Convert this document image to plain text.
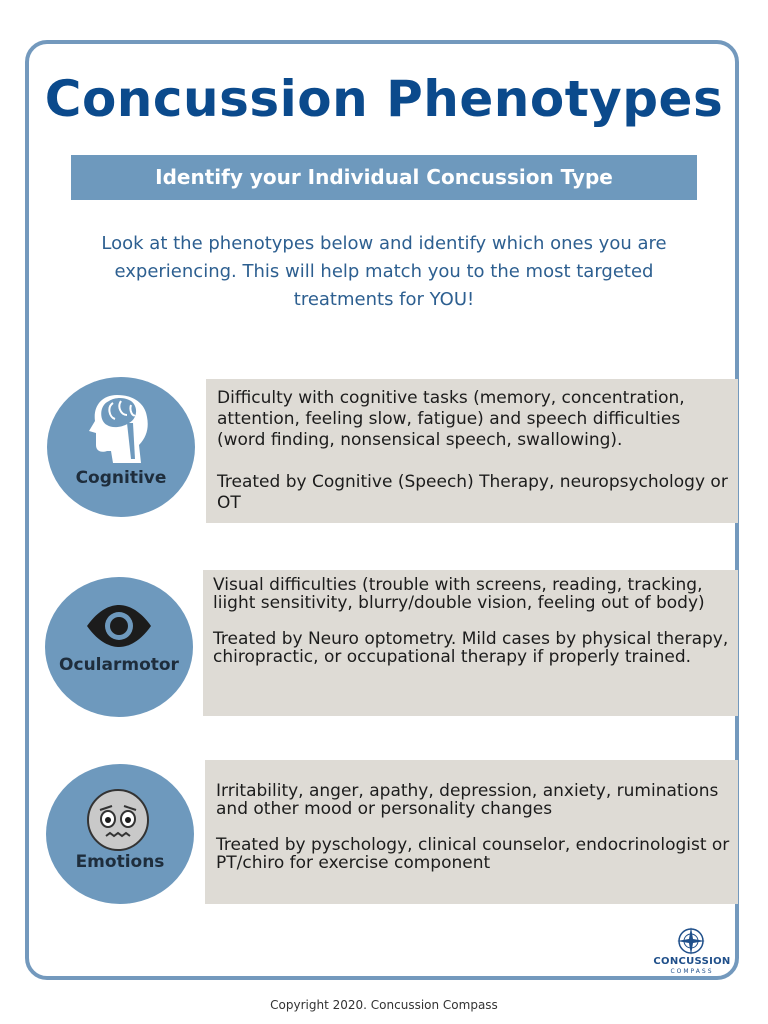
Concussion Phenotypes
Identify your Individual Concussion Type
Look at the phenotypes below and identify which ones you are experiencing. This will help match you to the most targeted treatments for YOU!
Cognitive

Difficulty with cognitive tasks (memory, concentration, attention, feeling slow, fatigue) and speech difficulties (word finding, nonsensical speech, swallowing).

Treated by Cognitive (Speech) Therapy, neuropsychology or OT

Ocularmotor

Visual difficulties (trouble with screens, reading, tracking, liight sensitivity, blurry/double vision, feeling out of body)

Treated by Neuro optometry. Mild cases by physical therapy, chiropractic, or occupational therapy if properly trained.

Emotions

Irritability, anger, apathy, depression, anxiety, ruminations and other mood or personality changes

Treated by pyschology, clinical counselor, endocrinologist or PT/chiro for exercise component

CONCUSSION
COMPASS
Copyright 2020. Concussion Compass
